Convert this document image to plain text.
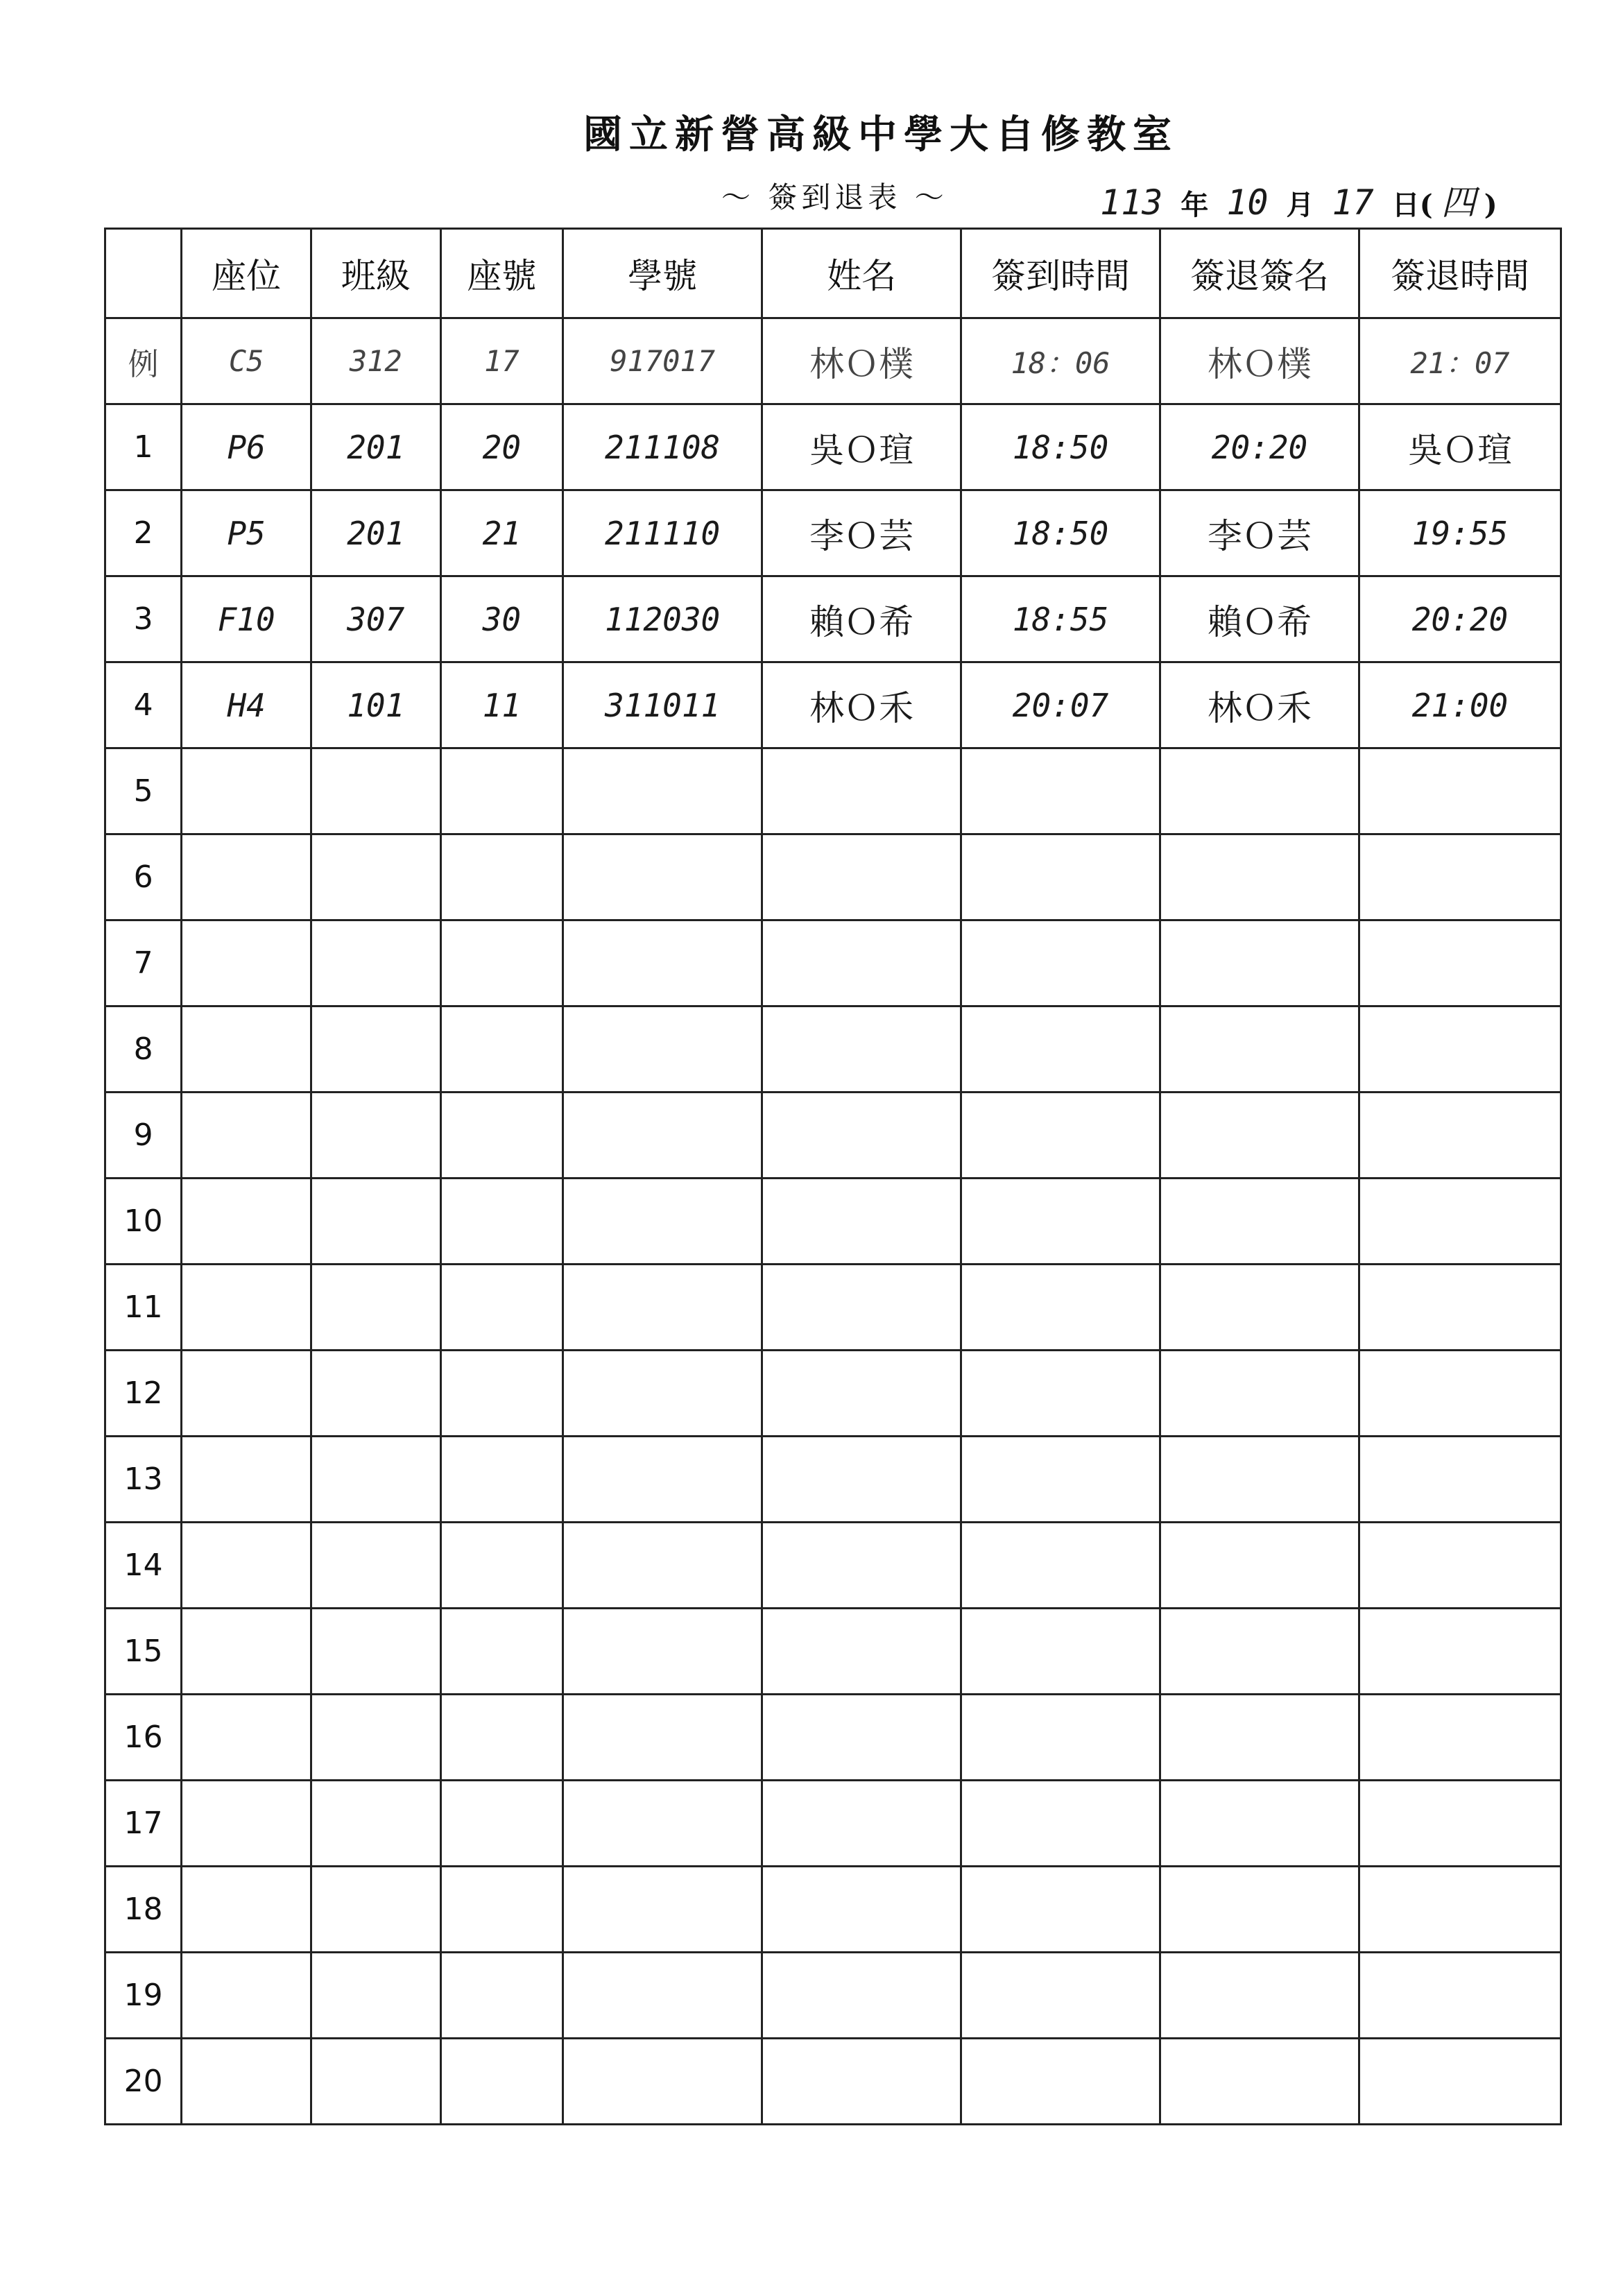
國立新營高級中學大自修教室
～ 簽到退表 ～	113 年 10 月 17 日 ( 四 )
	座位	班級	座號	學號	姓名	簽到時間	簽退簽名	簽退時間
例	C5	312	17	917017	林Ｏ樸	18：06	林Ｏ樸	21：07
1	P6	201	20	211108	吳Ｏ瑄	18:50	20:20	吳Ｏ瑄
2	P5	201	21	211110	李Ｏ芸	18:50	李Ｏ芸	19:55
3	F10	307	30	112030	賴Ｏ希	18:55	賴Ｏ希	20:20
4	H4	101	11	311011	林Ｏ禾	20:07	林Ｏ禾	21:00
5								
6								
7								
8								
9								
10								
11								
12								
13								
14								
15								
16								
17								
18								
19								
20								
